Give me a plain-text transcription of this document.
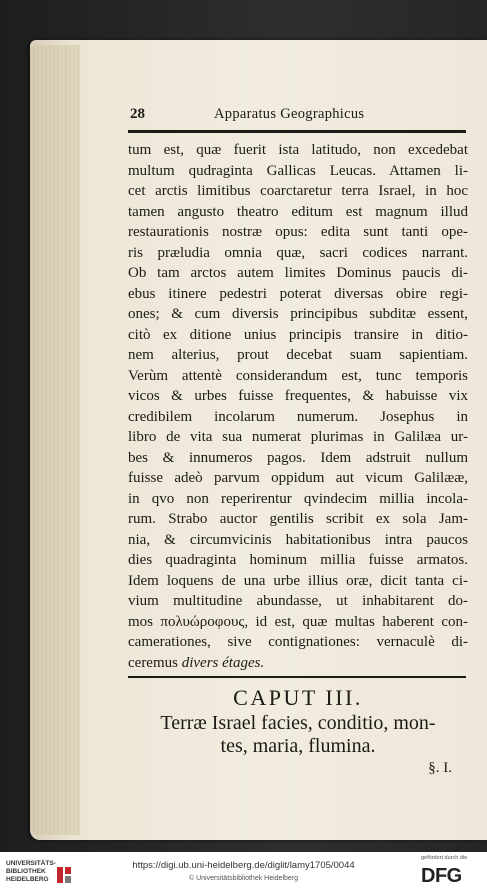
28	Apparatus Geographicus
tum est, quæ fuerit ista latitudo, non excedebat
multum qudraginta Gallicas Leucas. Attamen li-
cet arctis limitibus coarctaretur terra Israel, in hoc
tamen angusto theatro editum est magnum illud
restaurationis nostræ opus: edita sunt tanti ope-
ris præludia omnia quæ, sacri codices narrant.
Ob tam arctos autem limites Dominus paucis di-
ebus itinere pedestri poterat diversas obire regi-
ones; & cum diversis principibus subditæ essent,
citò ex ditione unius principis transire in ditio-
nem alterius, prout decebat suam sapientiam.
Verùm attentè considerandum est, tunc temporis
vicos & urbes fuisse frequentes, & habuisse vix
credibilem incolarum numerum. Josephus in
libro de vita sua numerat plurimas in Galilæa ur-
bes & innumeros pagos. Idem adstruit nullum
fuisse adeò parvum oppidum aut vicum Galilææ,
in qvo non reperirentur qvindecim millia incola-
rum. Strabo auctor gentilis scribit ex sola Jam-
nia, & circumvicinis habitationibus intra paucos
dies quadraginta hominum millia fuisse armatos.
Idem loquens de una urbe illius oræ, dicit tanta ci-
vium multitudine abundasse, ut inhabitarent do-
mos πολυώροφους, id est, quæ multas haberent con-
camerationes, sive contignationes: vernaculè di-
ceremus divers étages.
CAPUT III.
Terræ Israel facies, conditio, mon-
tes, maria, flumina.
§. I.
UNIVERSITÄTS-
BIBLIOTHEK
HEIDELBERG
https://digi.ub.uni-heidelberg.de/diglit/lamy1705/0044
© Universitätsbibliothek Heidelberg
gefördert durch die
DFG
